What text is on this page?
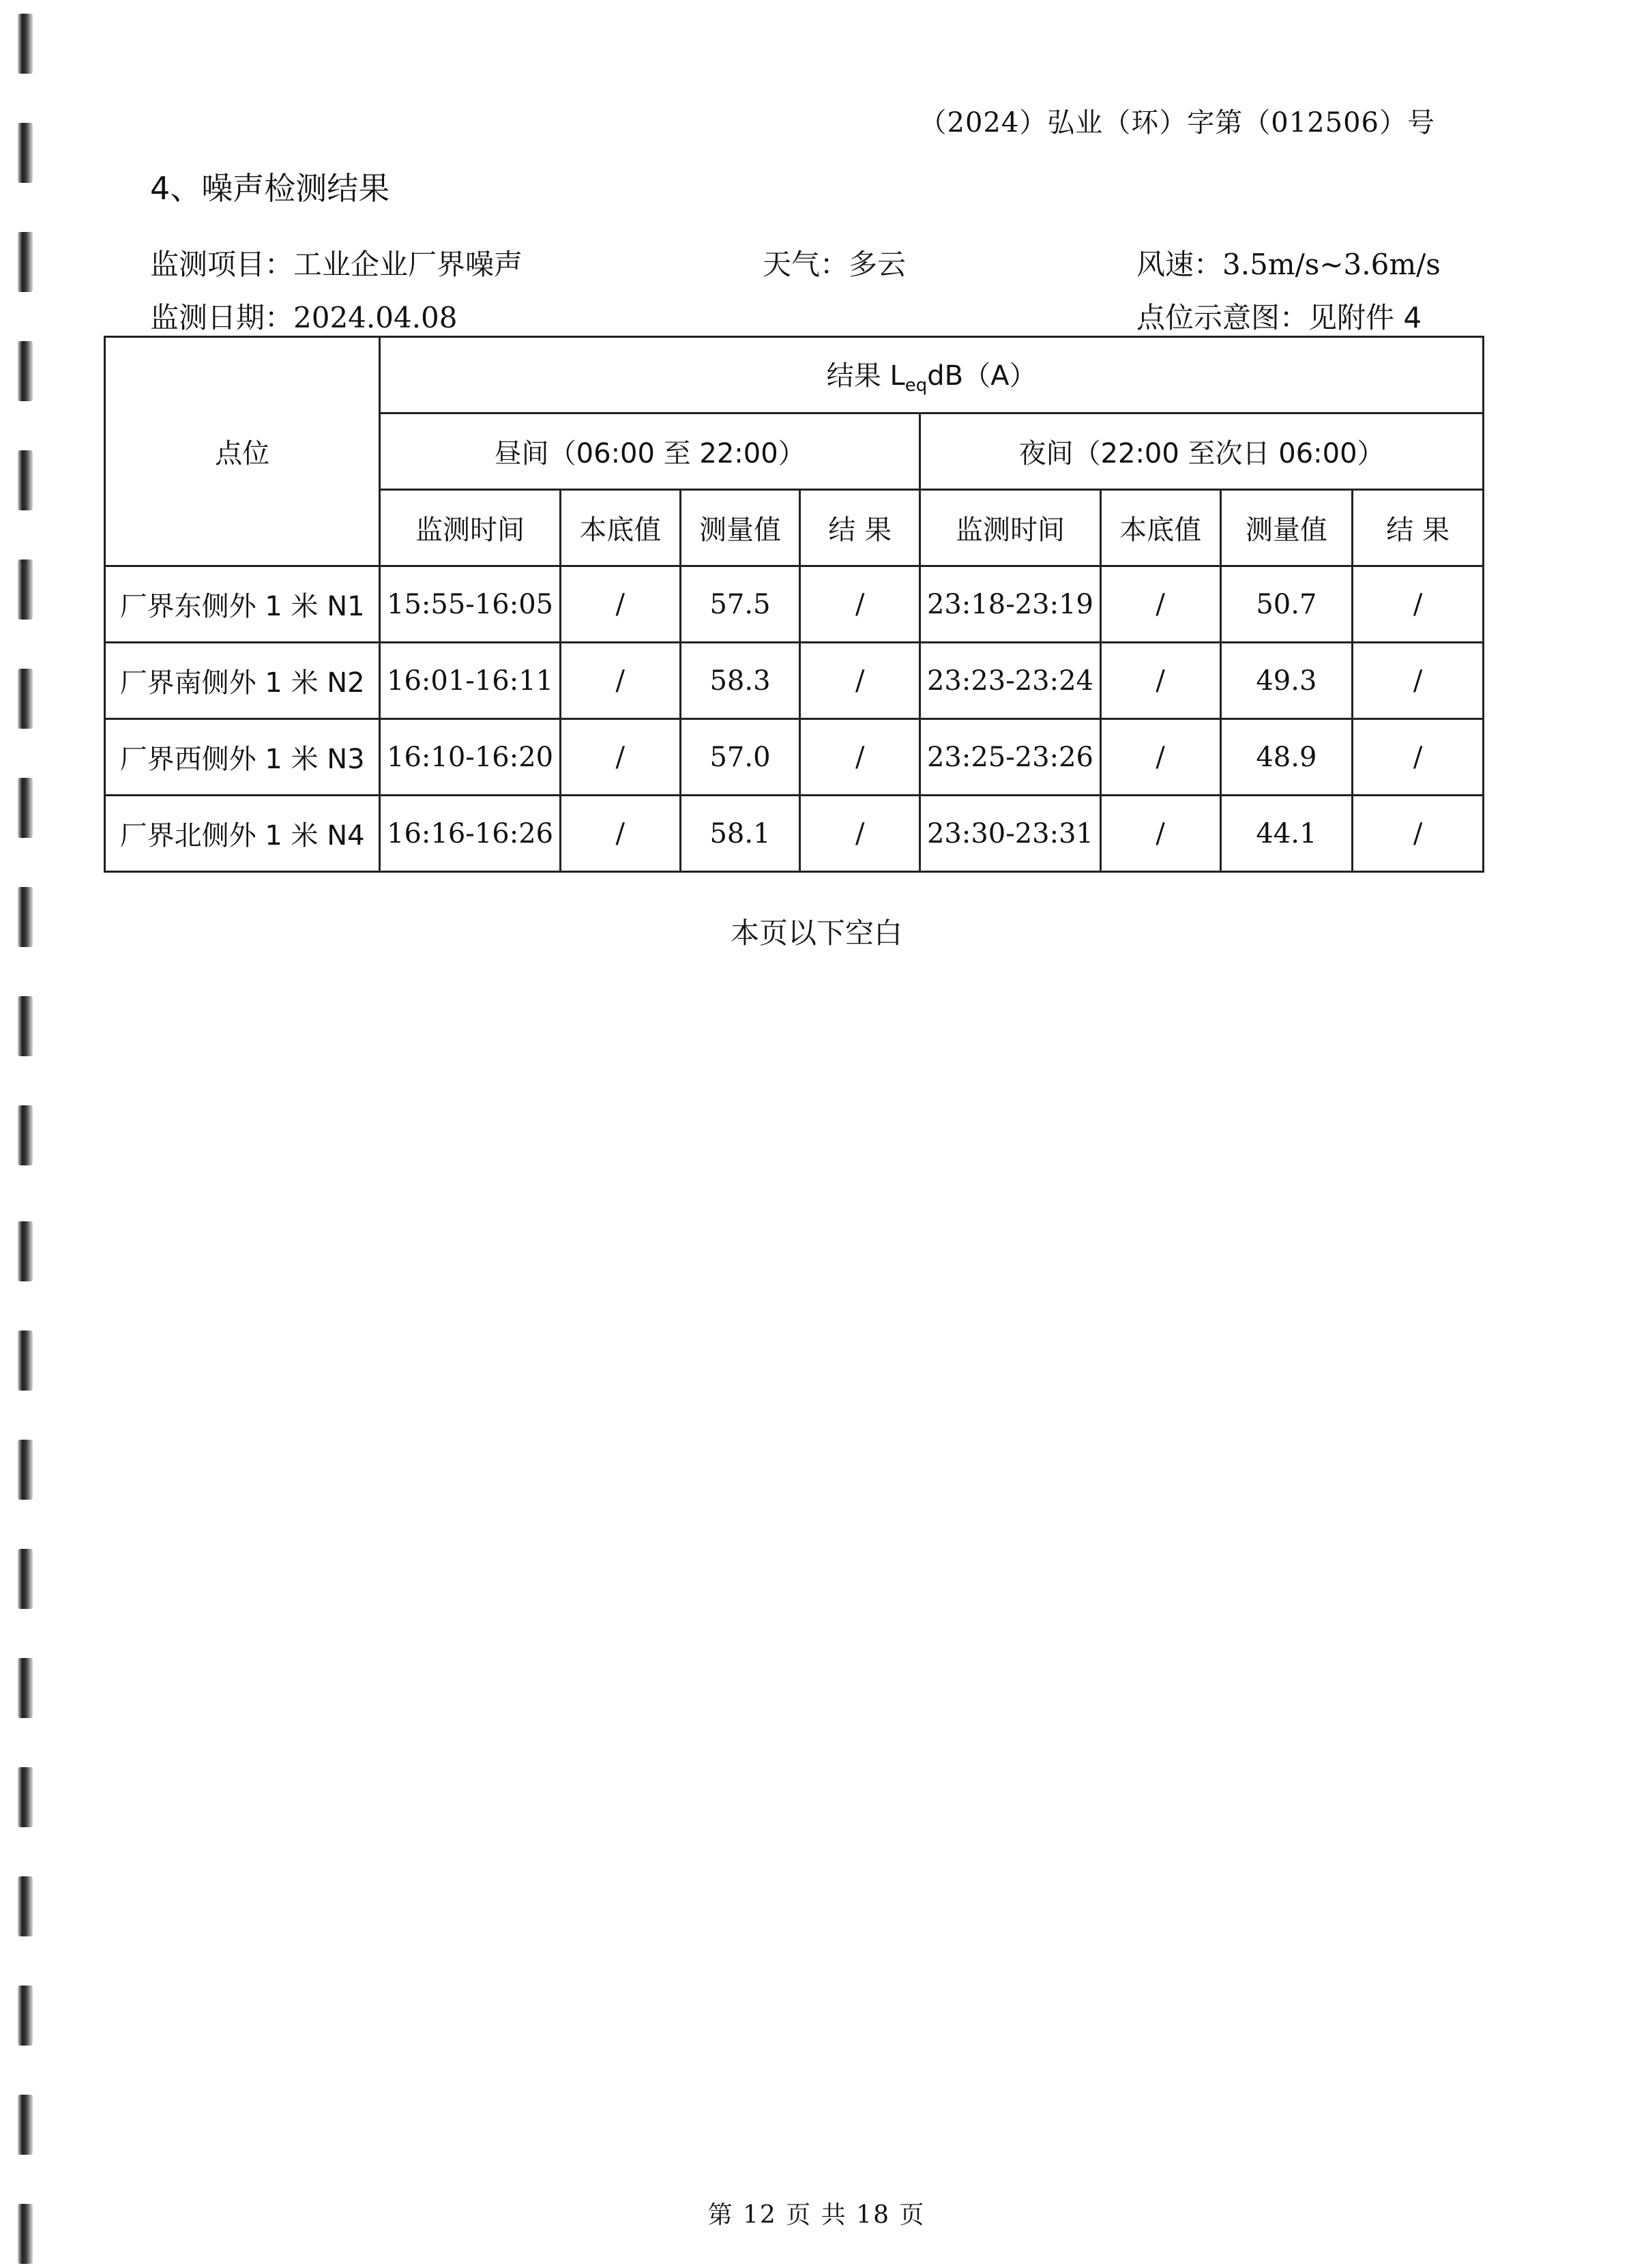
（2024）弘业（环）字第（012506）号
4、噪声检测结果
监测项目：工业企业厂界噪声	天气：多云	风速：3.5m/s~3.6m/s
监测日期：2024.04.08	点位示意图：见附件 4
点位	结果 $L_{eq}dB(A)$							
	昼间（06:00 至 22:00）				夜间（22:00 至次日 06:00）			
	监测时间	本底值	测量值	结 果	监测时间	本底值	测量值	结 果
厂界东侧外 1 米 N1	15:55-16:05	/	57.5	/	23:18-23:19	/	50.7	/
厂界南侧外 1 米 N2	16:01-16:11	/	58.3	/	23:23-23:24	/	49.3	/
厂界西侧外 1 米 N3	16:10-16:20	/	57.0	/	23:25-23:26	/	48.9	/
厂界北侧外 1 米 N4	16:16-16:26	/	58.1	/	23:30-23:31	/	44.1	/
本页以下空白
第 12 页 共 18 页
